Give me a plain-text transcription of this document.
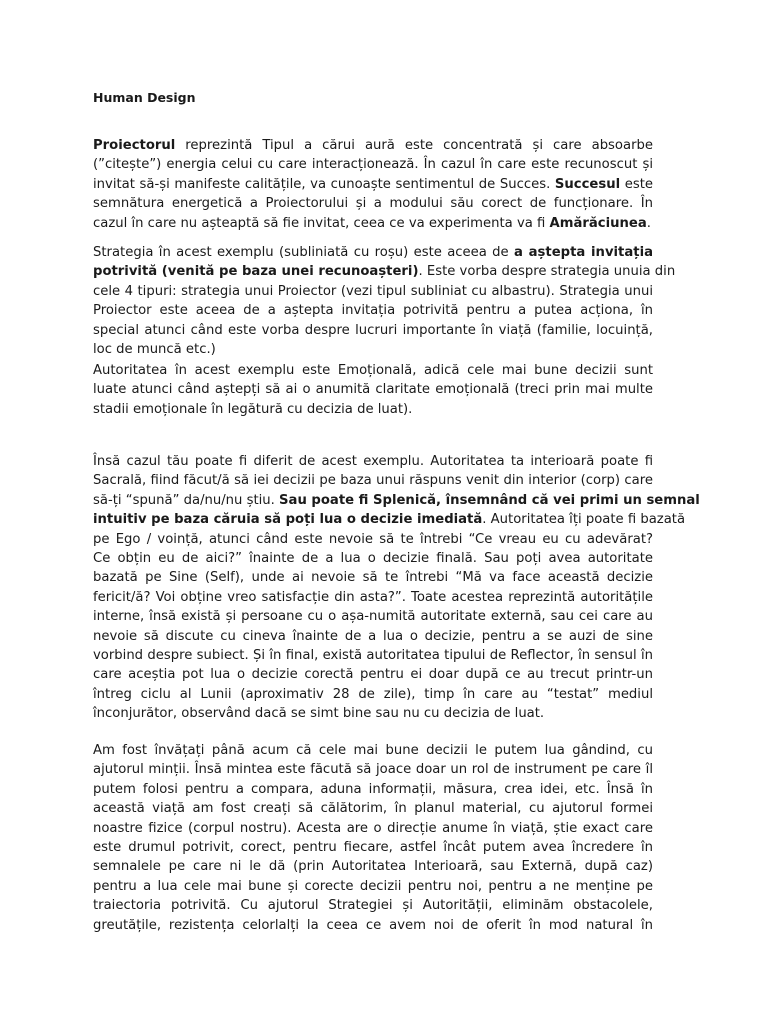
Human Design
Proiectorul reprezintă Tipul a cărui aură este concentrată și care absoarbe
(”citește”) energia celui cu care interacționează. În cazul în care este recunoscut și
invitat să-și manifeste calitățile, va cunoaște sentimentul de Succes. Succesul este
semnătura energetică a Proiectorului și a modului său corect de funcționare. În
cazul în care nu așteaptă să fie invitat, ceea ce va experimenta va fi Amărăciunea.
Strategia în acest exemplu (subliniată cu roșu) este aceea de a aștepta invitația
potrivită (venită pe baza unei recunoașteri). Este vorba despre strategia unuia din
cele 4 tipuri: strategia unui Proiector (vezi tipul subliniat cu albastru). Strategia unui
Proiector este aceea de a aștepta invitația potrivită pentru a putea acționa, în
special atunci când este vorba despre lucruri importante în viață (familie, locuință,
loc de muncă etc.)
Autoritatea în acest exemplu este Emoțională, adică cele mai bune decizii sunt
luate atunci când aștepți să ai o anumită claritate emoțională (treci prin mai multe
stadii emoționale în legătură cu decizia de luat).
Însă cazul tău poate fi diferit de acest exemplu. Autoritatea ta interioară poate fi
Sacrală, fiind făcut/ă să iei decizii pe baza unui răspuns venit din interior (corp) care
să-ți “spună” da/nu/nu știu. Sau poate fi Splenică, însemnând că vei primi un semnal
intuitiv pe baza căruia să poți lua o decizie imediată. Autoritatea îți poate fi bazată
pe Ego / voință, atunci când este nevoie să te întrebi “Ce vreau eu cu adevărat?
Ce obțin eu de aici?” înainte de a lua o decizie finală. Sau poți avea autoritate
bazată pe Sine (Self), unde ai nevoie să te întrebi “Mă va face această decizie
fericit/ă? Voi obține vreo satisfacție din asta?”. Toate acestea reprezintă autoritățile
interne, însă există și persoane cu o așa-numită autoritate externă, sau cei care au
nevoie să discute cu cineva înainte de a lua o decizie, pentru a se auzi de sine
vorbind despre subiect. Și în final, există autoritatea tipului de Reflector, în sensul în
care aceștia pot lua o decizie corectă pentru ei doar după ce au trecut printr-un
întreg ciclu al Lunii (aproximativ 28 de zile), timp în care au “testat” mediul
înconjurător, observând dacă se simt bine sau nu cu decizia de luat.
Am fost învățați până acum că cele mai bune decizii le putem lua gândind, cu
ajutorul minții. Însă mintea este făcută să joace doar un rol de instrument pe care îl
putem folosi pentru a compara, aduna informații, măsura, crea idei, etc. Însă în
această viață am fost creați să călătorim, în planul material, cu ajutorul formei
noastre fizice (corpul nostru). Acesta are o direcție anume în viață, știe exact care
este drumul potrivit, corect, pentru fiecare, astfel încât putem avea încredere în
semnalele pe care ni le dă (prin Autoritatea Interioară, sau Externă, după caz)
pentru a lua cele mai bune și corecte decizii pentru noi, pentru a ne menține pe
traiectoria potrivită. Cu ajutorul Strategiei și Autorității, eliminăm obstacolele,
greutățile, rezistența celorlalți la ceea ce avem noi de oferit în mod natural în
